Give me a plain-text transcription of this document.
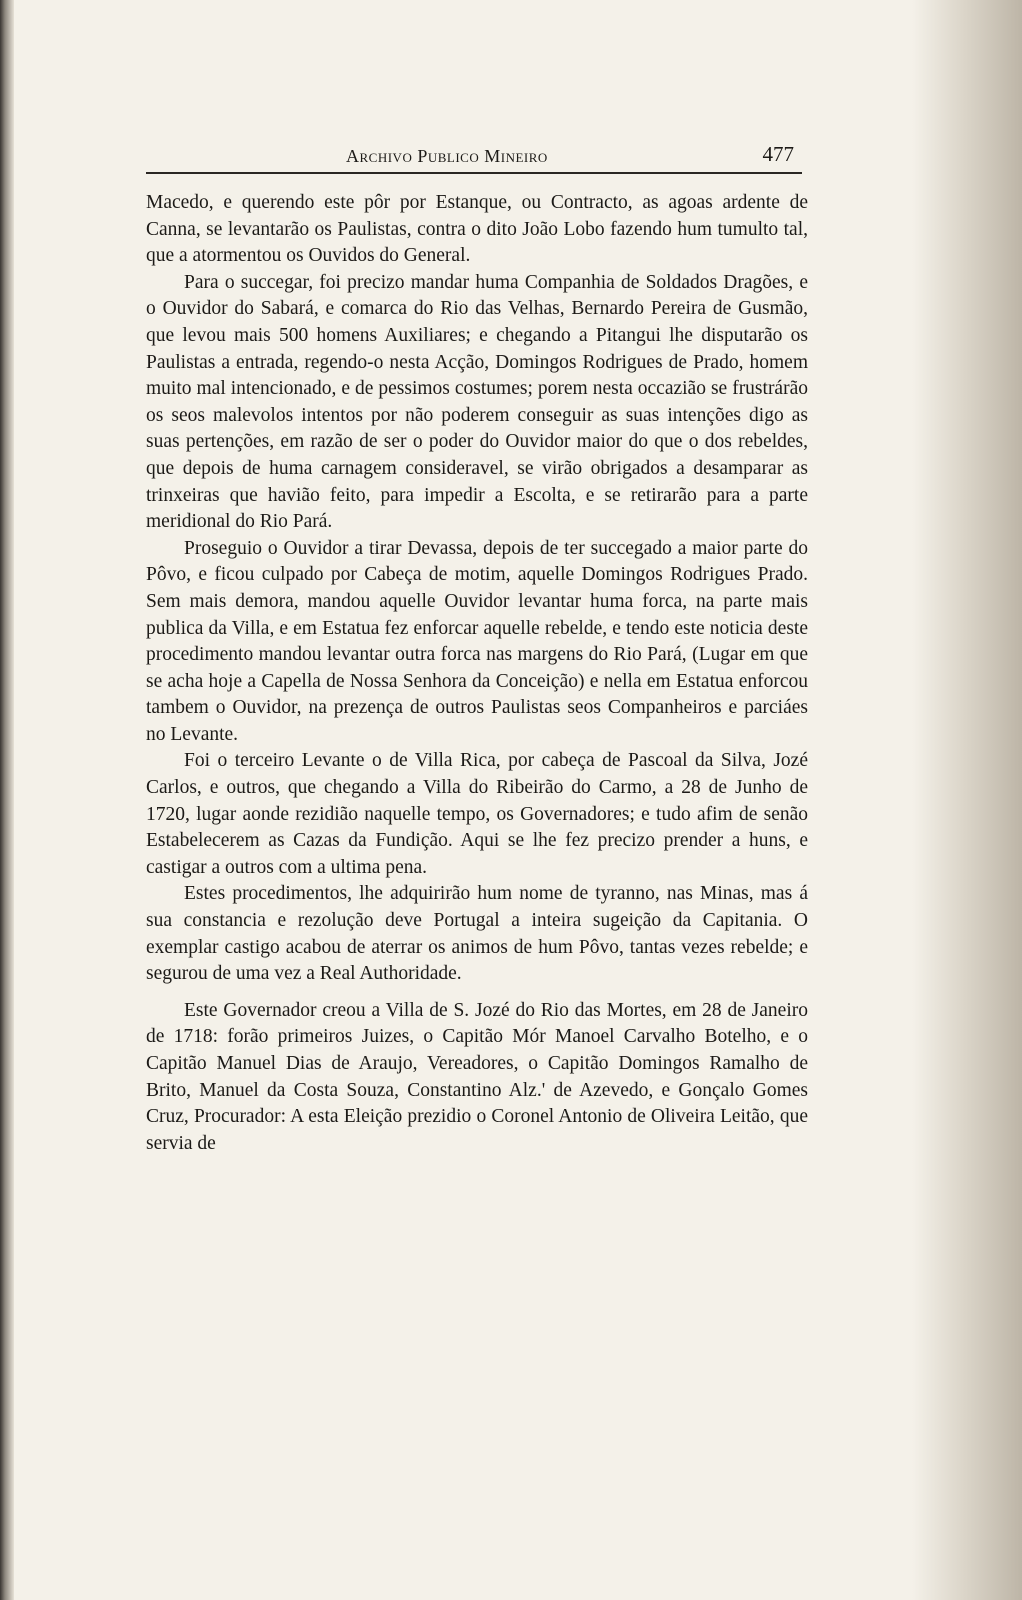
Archivo Publico Mineiro	477

Macedo, e querendo este pôr por Estanque, ou Contracto, as agoas ardente de Canna, se levantarão os Paulistas, contra o dito João Lobo fazendo hum tumulto tal, que a atormentou os Ouvidos do General.

Para o succegar, foi precizo mandar huma Companhia de Soldados Dragões, e o Ouvidor do Sabará, e comarca do Rio das Velhas, Bernardo Pereira de Gusmão, que levou mais 500 homens Auxiliares; e chegando a Pitangui lhe disputarão os Paulistas a entrada, regendo-o nesta Acção, Domingos Rodrigues de Prado, homem muito mal intencionado, e de pessimos costumes; porem nesta occazião se frustrárão os seos malevolos intentos por não poderem conseguir as suas intenções digo as suas pertenções, em razão de ser o poder do Ouvidor maior do que o dos rebeldes, que depois de huma carnagem consideravel, se virão obrigados a desamparar as trinxeiras que havião feito, para impedir a Escolta, e se retirarão para a parte meridional do Rio Pará.

Proseguio o Ouvidor a tirar Devassa, depois de ter succegado a maior parte do Pôvo, e ficou culpado por Cabeça de motim, aquelle Domingos Rodrigues Prado. Sem mais demora, mandou aquelle Ouvidor levantar huma forca, na parte mais publica da Villa, e em Estatua fez enforcar aquelle rebelde, e tendo este noticia deste procedimento mandou levantar outra forca nas margens do Rio Pará, (Lugar em que se acha hoje a Capella de Nossa Senhora da Conceição) e nella em Estatua enforcou tambem o Ouvidor, na prezença de outros Paulistas seos Companheiros e parciáes no Levante.

Foi o terceiro Levante o de Villa Rica, por cabeça de Pascoal da Silva, Jozé Carlos, e outros, que chegando a Villa do Ribeirão do Carmo, a 28 de Junho de 1720, lugar aonde rezidião naquelle tempo, os Governadores; e tudo afim de senão Estabelecerem as Cazas da Fundição. Aqui se lhe fez precizo prender a huns, e castigar a outros com a ultima pena.

Estes procedimentos, lhe adquirirão hum nome de tyranno, nas Minas, mas á sua constancia e rezolução deve Portugal a inteira sugeição da Capitania. O exemplar castigo acabou de aterrar os animos de hum Pôvo, tantas vezes rebelde; e segurou de uma vez a Real Authoridade.

Este Governador creou a Villa de S. Jozé do Rio das Mortes, em 28 de Janeiro de 1718: forão primeiros Juizes, o Capitão Mór Manoel Carvalho Botelho, e o Capitão Manuel Dias de Araujo, Vereadores, o Capitão Domingos Ramalho de Brito, Manuel da Costa Souza, Constantino Alz.' de Azevedo, e Gonçalo Gomes Cruz, Procurador: A esta Eleição prezidio o Coronel Antonio de Oliveira Leitão, que servia de
